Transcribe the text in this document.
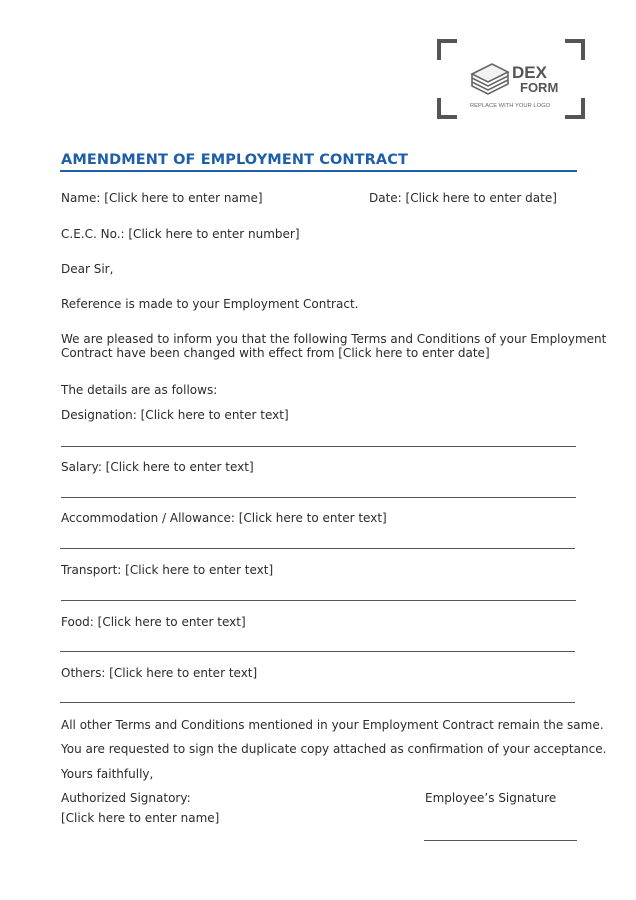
DEX
FORM
REPLACE WITH YOUR LOGO
AMENDMENT OF EMPLOYMENT CONTRACT
Name: [Click here to enter name]	Date: [Click here to enter date]
C.E.C. No.: [Click here to enter number]
Dear Sir,
Reference is made to your Employment Contract.
We are pleased to inform you that the following Terms and Conditions of your Employment
Contract have been changed with effect from [Click here to enter date]
The details are as follows:
Designation: [Click here to enter text]
Salary: [Click here to enter text]
Accommodation / Allowance: [Click here to enter text]
Transport: [Click here to enter text]
Food: [Click here to enter text]
Others: [Click here to enter text]
All other Terms and Conditions mentioned in your Employment Contract remain the same.
You are requested to sign the duplicate copy attached as confirmation of your acceptance.
Yours faithfully,
Authorized Signatory:	Employee’s Signature
[Click here to enter name]
